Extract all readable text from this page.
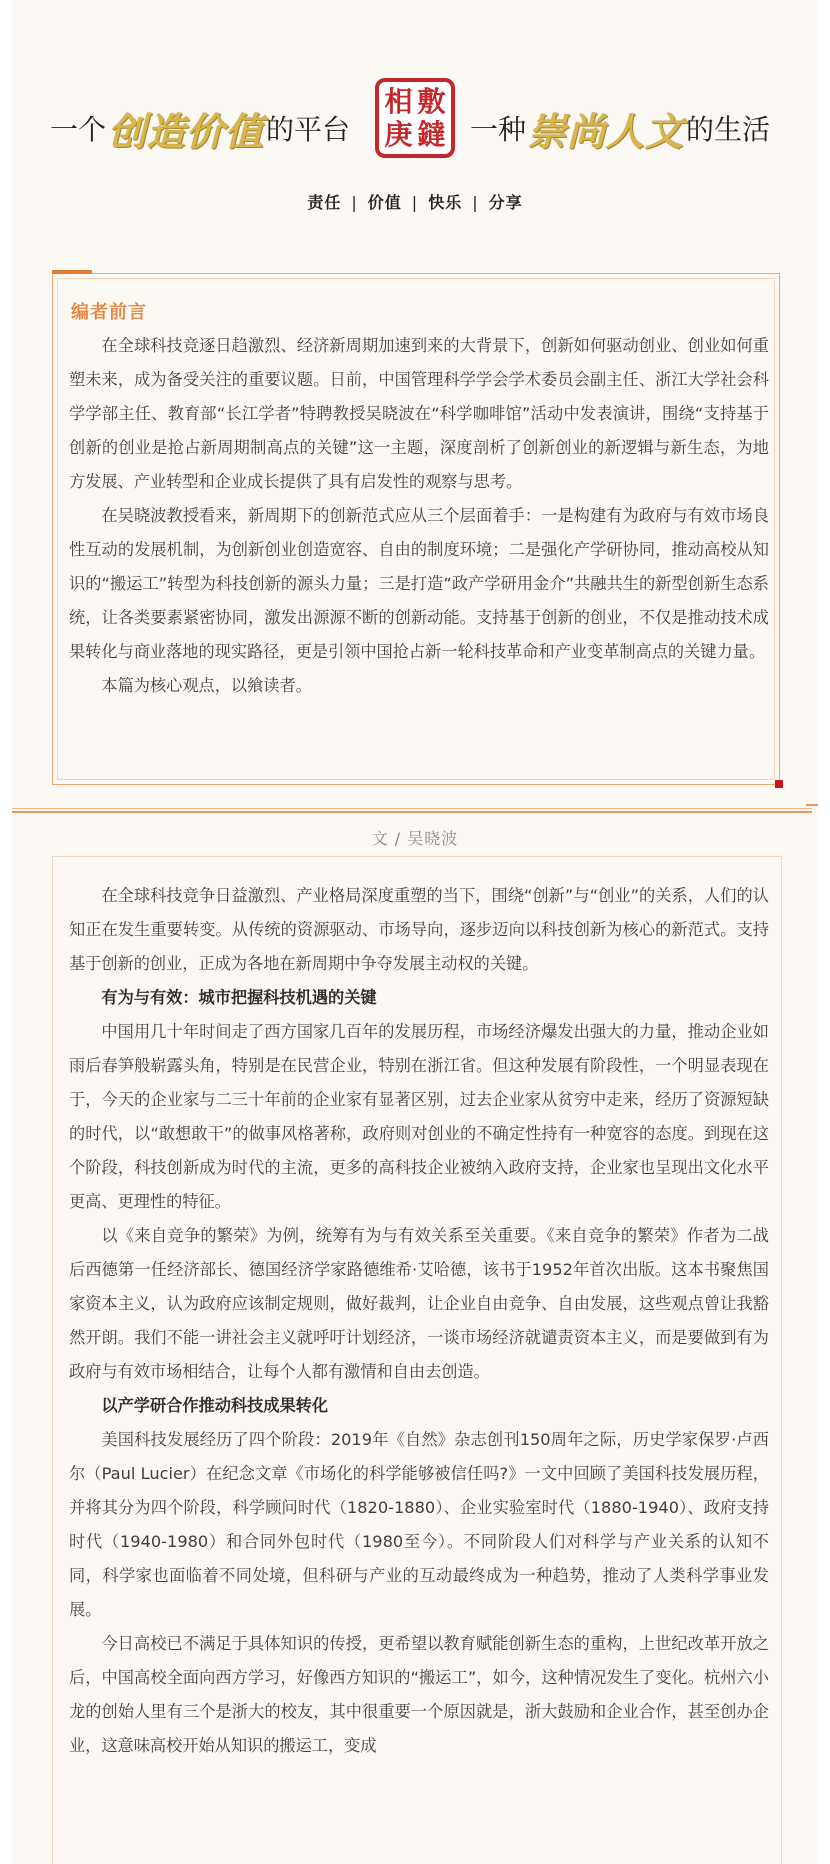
一个 创造价值 的平台
相 敷
庚 鐽 一种 崇尚人文 的生活
责任 | 价值 | 快乐 | 分享
编者前言

在全球科技竞逐日趋激烈、经济新周期加速到来的大背景下，创新如何驱动创业、创业如何重塑未来，成为备受关注的重要议题。日前，中国管理科学学会学术委员会副主任、浙江大学社会科学学部主任、教育部“长江学者”特聘教授吴晓波在“科学咖啡馆”活动中发表演讲，围绕“支持基于创新的创业是抢占新周期制高点的关键”这一主题，深度剖析了创新创业的新逻辑与新生态，为地方发展、产业转型和企业成长提供了具有启发性的观察与思考。

在吴晓波教授看来，新周期下的创新范式应从三个层面着手：一是构建有为政府与有效市场良性互动的发展机制，为创新创业创造宽容、自由的制度环境；二是强化产学研协同，推动高校从知识的“搬运工”转型为科技创新的源头力量；三是打造“政产学研用金介”共融共生的新型创新生态系统，让各类要素紧密协同，激发出源源不断的创新动能。支持基于创新的创业，不仅是推动技术成果转化与商业落地的现实路径，更是引领中国抢占新一轮科技革命和产业变革制高点的关键力量。

本篇为核心观点，以飨读者。

文 / 吴晓波

在全球科技竞争日益激烈、产业格局深度重塑的当下，围绕“创新”与“创业”的关系，人们的认知正在发生重要转变。从传统的资源驱动、市场导向，逐步迈向以科技创新为核心的新范式。支持基于创新的创业，正成为各地在新周期中争夺发展主动权的关键。

有为与有效：城市把握科技机遇的关键

中国用几十年时间走了西方国家几百年的发展历程，市场经济爆发出强大的力量，推动企业如雨后春笋般崭露头角，特别是在民营企业，特别在浙江省。但这种发展有阶段性，一个明显表现在于，今天的企业家与二三十年前的企业家有显著区别，过去企业家从贫穷中走来，经历了资源短缺的时代，以“敢想敢干”的做事风格著称，政府则对创业的不确定性持有一种宽容的态度。到现在这个阶段，科技创新成为时代的主流，更多的高科技企业被纳入政府支持，企业家也呈现出文化水平更高、更理性的特征。

以《来自竞争的繁荣》为例，统筹有为与有效关系至关重要。《来自竞争的繁荣》作者为二战后西德第一任经济部长、德国经济学家路德维希·艾哈德，该书于1952年首次出版。这本书聚焦国家资本主义，认为政府应该制定规则，做好裁判，让企业自由竞争、自由发展，这些观点曾让我豁然开朗。我们不能一讲社会主义就呼吁计划经济，一谈市场经济就谴责资本主义，而是要做到有为政府与有效市场相结合，让每个人都有激情和自由去创造。

以产学研合作推动科技成果转化

美国科技发展经历了四个阶段：2019年《自然》杂志创刊150周年之际，历史学家保罗·卢西尔（Paul Lucier）在纪念文章《市场化的科学能够被信任吗?》一文中回顾了美国科技发展历程，并将其分为四个阶段，科学顾问时代（1820-1880）、企业实验室时代（1880-1940）、政府支持时代（1940-1980）和合同外包时代（1980至今）。不同阶段人们对科学与产业关系的认知不同，科学家也面临着不同处境，但科研与产业的互动最终成为一种趋势，推动了人类科学事业发展。

今日高校已不满足于具体知识的传授，更希望以教育赋能创新生态的重构，上世纪改革开放之后，中国高校全面向西方学习，好像西方知识的“搬运工”，如今，这种情况发生了变化。杭州六小龙的创始人里有三个是浙大的校友，其中很重要一个原因就是，浙大鼓励和企业合作，甚至创办企业，这意味高校开始从知识的搬运工，变成
